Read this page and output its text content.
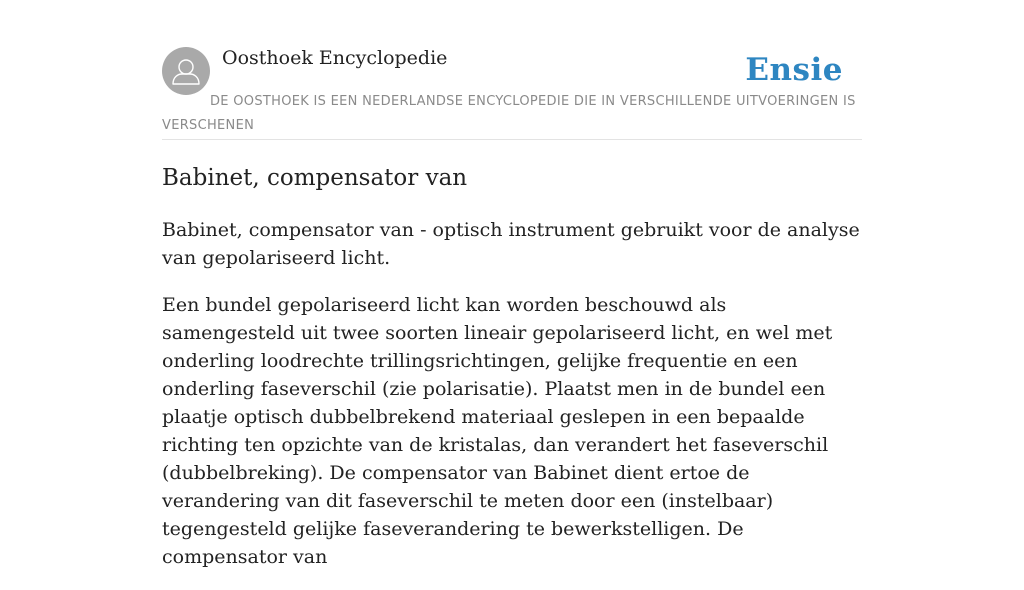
Oosthoek Encyclopedie	Ensie
DE OOSTHOEK IS EEN NEDERLANDSE ENCYCLOPEDIE DIE IN VERSCHILLENDE UITVOERINGEN IS VERSCHENEN
Babinet, compensator van

Babinet, compensator van - optisch instrument gebruikt voor de analyse van gepolariseerd licht.

Een bundel gepolariseerd licht kan worden beschouwd als samengesteld uit twee soorten lineair gepolariseerd licht, en wel met onderling loodrechte trillingsrichtingen, gelijke frequentie en een onderling faseverschil (zie polarisatie). Plaatst men in de bundel een plaatje optisch dubbelbrekend materiaal geslepen in een bepaalde richting ten opzichte van de kristalas, dan verandert het faseverschil (dubbelbreking). De compensator van Babinet dient ertoe de verandering van dit faseverschil te meten door een (instelbaar) tegengesteld gelijke faseverandering te bewerkstelligen. De compensator van
